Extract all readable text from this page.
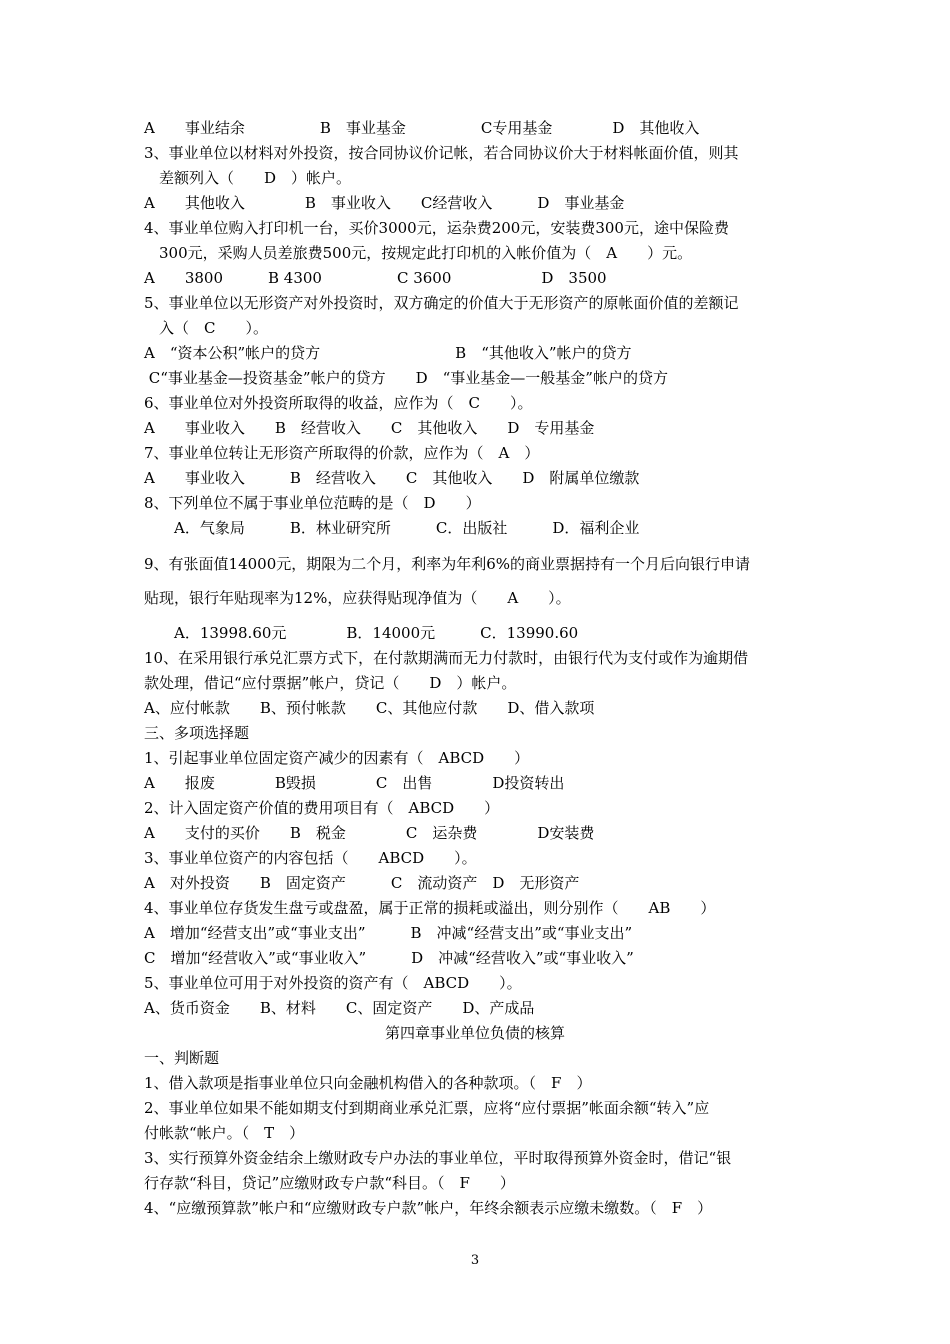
A　　事业结余　　　　　B　事业基金　　　　　C专用基金　　　　D　其他收入
3、事业单位以材料对外投资，按合同协议价记帐，若合同协议价大于材料帐面价值，则其
　差额列入（　　D　）帐户。
A　　其他收入　　　　B　事业收入　　C经营收入　　　D　事业基金
4、事业单位购入打印机一台，买价3000元，运杂费200元，安装费300元，途中保险费
　300元，采购人员差旅费500元，按规定此打印机的入帐价值为（　A　　）元。
A　　3800　　　B 4300　　　　　C 3600　　　　　　D　3500
5、事业单位以无形资产对外投资时，双方确定的价值大于无形资产的原帐面价值的差额记
　入（　C　　）。
A　“资本公积”帐户的贷方　　　　　　　　　B　“其他收入”帐户的贷方
C“事业基金—投资基金”帐户的贷方　　D　“事业基金—一般基金”帐户的贷方
6、事业单位对外投资所取得的收益，应作为（　C　　）。
A　　事业收入　　B　经营收入　　C　其他收入　　D　专用基金
7、事业单位转让无形资产所取得的价款，应作为（　A　）
A　　事业收入　　　B　经营收入　　C　其他收入　　D　附属单位缴款
8、下列单位不属于事业单位范畴的是（　D　　）
　　A．气象局　　　B．林业研究所　　　C．出版社　　　D．福利企业
9、有张面值14000元，期限为二个月，利率为年利6%的商业票据持有一个月后向银行申请
贴现，银行年贴现率为12%，应获得贴现净值为（　　A　　）。
　　A．13998.60元　　　　B．14000元　　　C．13990.60
10、在采用银行承兑汇票方式下，在付款期满而无力付款时，由银行代为支付或作为逾期借
款处理，借记“应付票据”帐户，贷记（　　D　）帐户。
A、应付帐款　　B、预付帐款　　C、其他应付款　　D、借入款项
三、多项选择题
1、引起事业单位固定资产减少的因素有（　ABCD　　）
A　　报废　　　　B毁损　　　　C　出售　　　　D投资转出
2、计入固定资产价值的费用项目有（　ABCD　　）
A　　支付的买价　　B　税金　　　　C　运杂费　　　　D安装费
3、事业单位资产的内容包括（　　ABCD　　）。
A　对外投资　　B　固定资产　　　C　流动资产　D　无形资产
4、事业单位存货发生盘亏或盘盈，属于正常的损耗或溢出，则分别作（　　AB　　）
A　增加“经营支出”或“事业支出”　　　B　冲减“经营支出”或“事业支出”
C　增加“经营收入”或“事业收入”　　　D　冲减“经营收入”或“事业收入”
5、事业单位可用于对外投资的资产有（　ABCD　　）。
A、货币资金　　B、材料　　C、固定资产　　D、产成品
第四章事业单位负债的核算
一、判断题
1、借入款项是指事业单位只向金融机构借入的各种款项。（　F　）
2、事业单位如果不能如期支付到期商业承兑汇票，应将“应付票据”帐面余额“转入”应
付帐款“帐户。（　T　）
3、实行预算外资金结余上缴财政专户办法的事业单位，平时取得预算外资金时，借记“银
行存款“科目，贷记”应缴财政专户款“科目。（　F　　）
4、“应缴预算款”帐户和“应缴财政专户款”帐户，年终余额表示应缴未缴数。（　F　）
3
